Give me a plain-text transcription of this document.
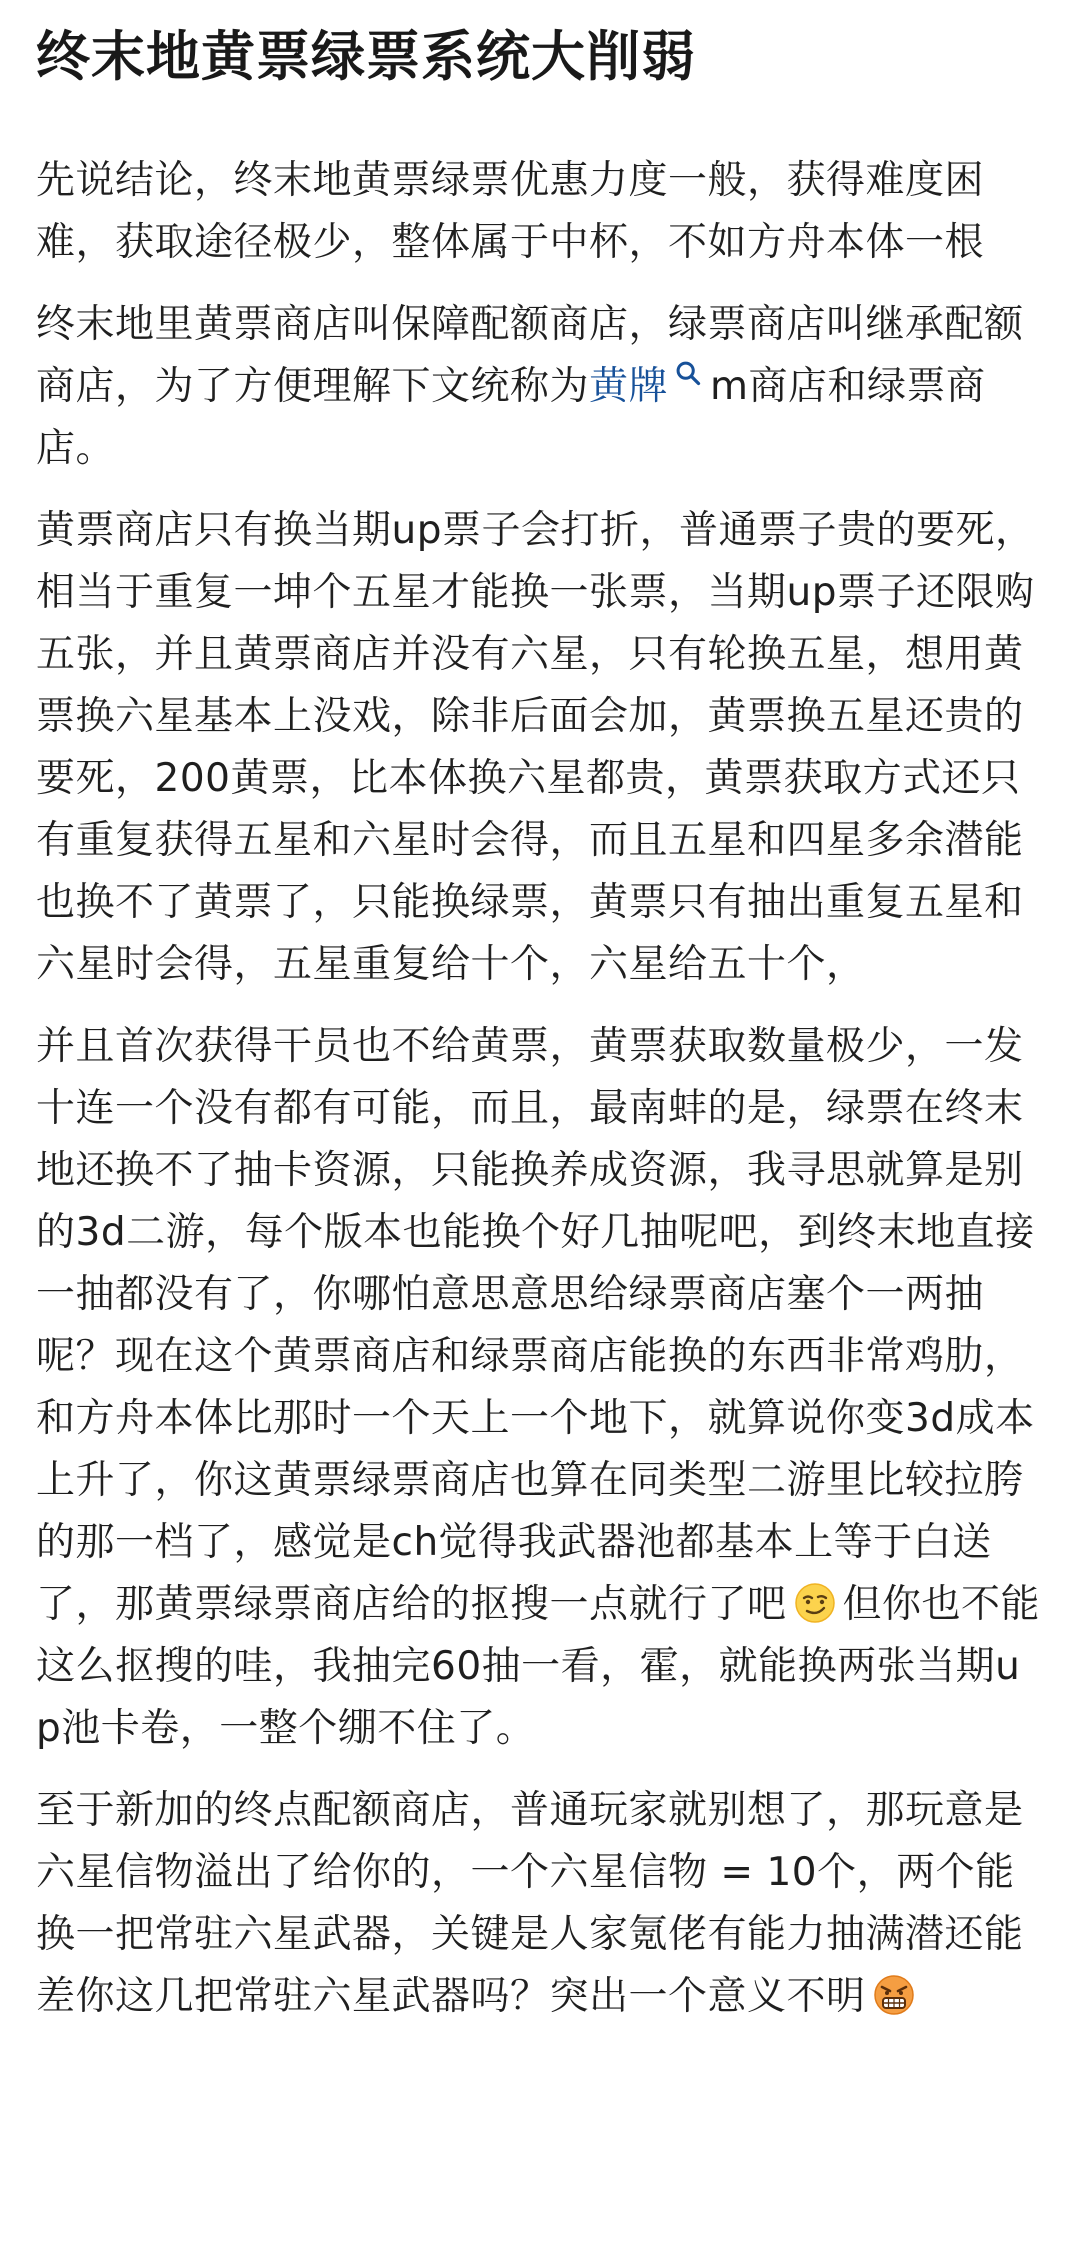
终末地黄票绿票系统大削弱

先说结论，终末地黄票绿票优惠力度一般，获得难度困难，获取途径极少，整体属于中杯，不如方舟本体一根

终末地里黄票商店叫保障配额商店，绿票商店叫继承配额商店，为了方便理解下文统称为黄牌 m商店和绿票商店。

黄票商店只有换当期up票子会打折，普通票子贵的要死，相当于重复一坤个五星才能换一张票，当期up票子还限购五张，并且黄票商店并没有六星，只有轮换五星，想用黄票换六星基本上没戏，除非后面会加，黄票换五星还贵的要死，200黄票，比本体换六星都贵，黄票获取方式还只有重复获得五星和六星时会得，而且五星和四星多余潜能也换不了黄票了，只能换绿票，黄票只有抽出重复五星和六星时会得，五星重复给十个，六星给五十个，

并且首次获得干员也不给黄票，黄票获取数量极少，一发十连一个没有都有可能，而且，最南蚌的是，绿票在终末地还换不了抽卡资源，只能换养成资源，我寻思就算是别的3d二游，每个版本也能换个好几抽呢吧，到终末地直接一抽都没有了，你哪怕意思意思给绿票商店塞个一两抽呢？现在这个黄票商店和绿票商店能换的东西非常鸡肋，和方舟本体比那时一个天上一个地下，就算说你变3d成本上升了，你这黄票绿票商店也算在同类型二游里比较拉胯的那一档了，感觉是ch觉得我武器池都基本上等于白送了，那黄票绿票商店给的抠搜一点就行了吧 但你也不能这么抠搜的哇，我抽完60抽一看，霍，就能换两张当期up池卡卷，一整个绷不住了。

至于新加的终点配额商店，普通玩家就别想了，那玩意是六星信物溢出了给你的，一个六星信物 = 10个，两个能换一把常驻六星武器，关键是人家氪佬有能力抽满潜还能差你这几把常驻六星武器吗？突出一个意义不明
